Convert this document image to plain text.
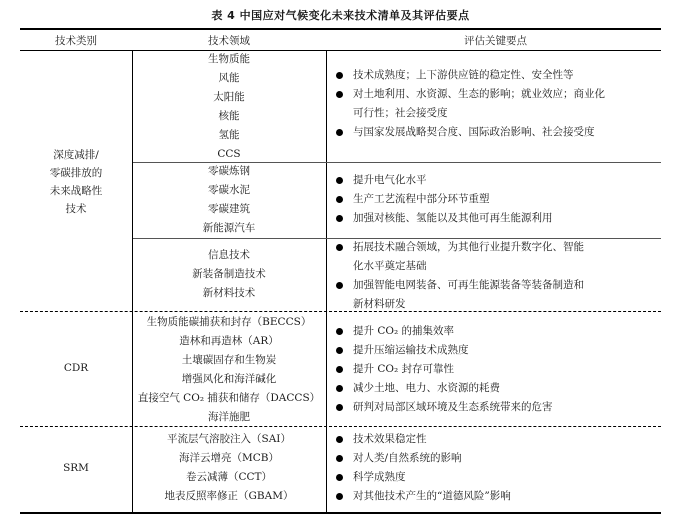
表 4 中国应对气候变化未来技术清单及其评估要点
技术类别	技术领域	评估关键要点
深度减排/
零碳排放的
未来战略性
技术
生物质能
风能
太阳能
核能
氢能
CCS
技术成熟度；上下游供应链的稳定性、安全性等
对土地利用、水资源、生态的影响；就业效应；商业化
可行性；社会接受度
与国家发展战略契合度、国际政治影响、社会接受度
零碳炼钢
零碳水泥
零碳建筑
新能源汽车
提升电气化水平
生产工艺流程中部分环节重塑
加强对核能、氢能以及其他可再生能源利用
信息技术
新装备制造技术
新材料技术
拓展技术融合领域，为其他行业提升数字化、智能
化水平奠定基础
加强智能电网装备、可再生能源装备等装备制造和
新材料研发
CDR
生物质能碳捕获和封存（BECCS）
造林和再造林（AR）
土壤碳固存和生物炭
增强风化和海洋碱化
直接空气 CO₂ 捕获和储存（DACCS）
海洋施肥
提升 CO₂ 的捕集效率
提升压缩运输技术成熟度
提升 CO₂ 封存可靠性
减少土地、电力、水资源的耗费
研判对局部区域环境及生态系统带来的危害
SRM
平流层气溶胶注入（SAI）
海洋云增亮（MCB）
卷云减薄（CCT）
地表反照率修正（GBAM）
技术效果稳定性
对人类/自然系统的影响
科学成熟度
对其他技术产生的“道德风险”影响
